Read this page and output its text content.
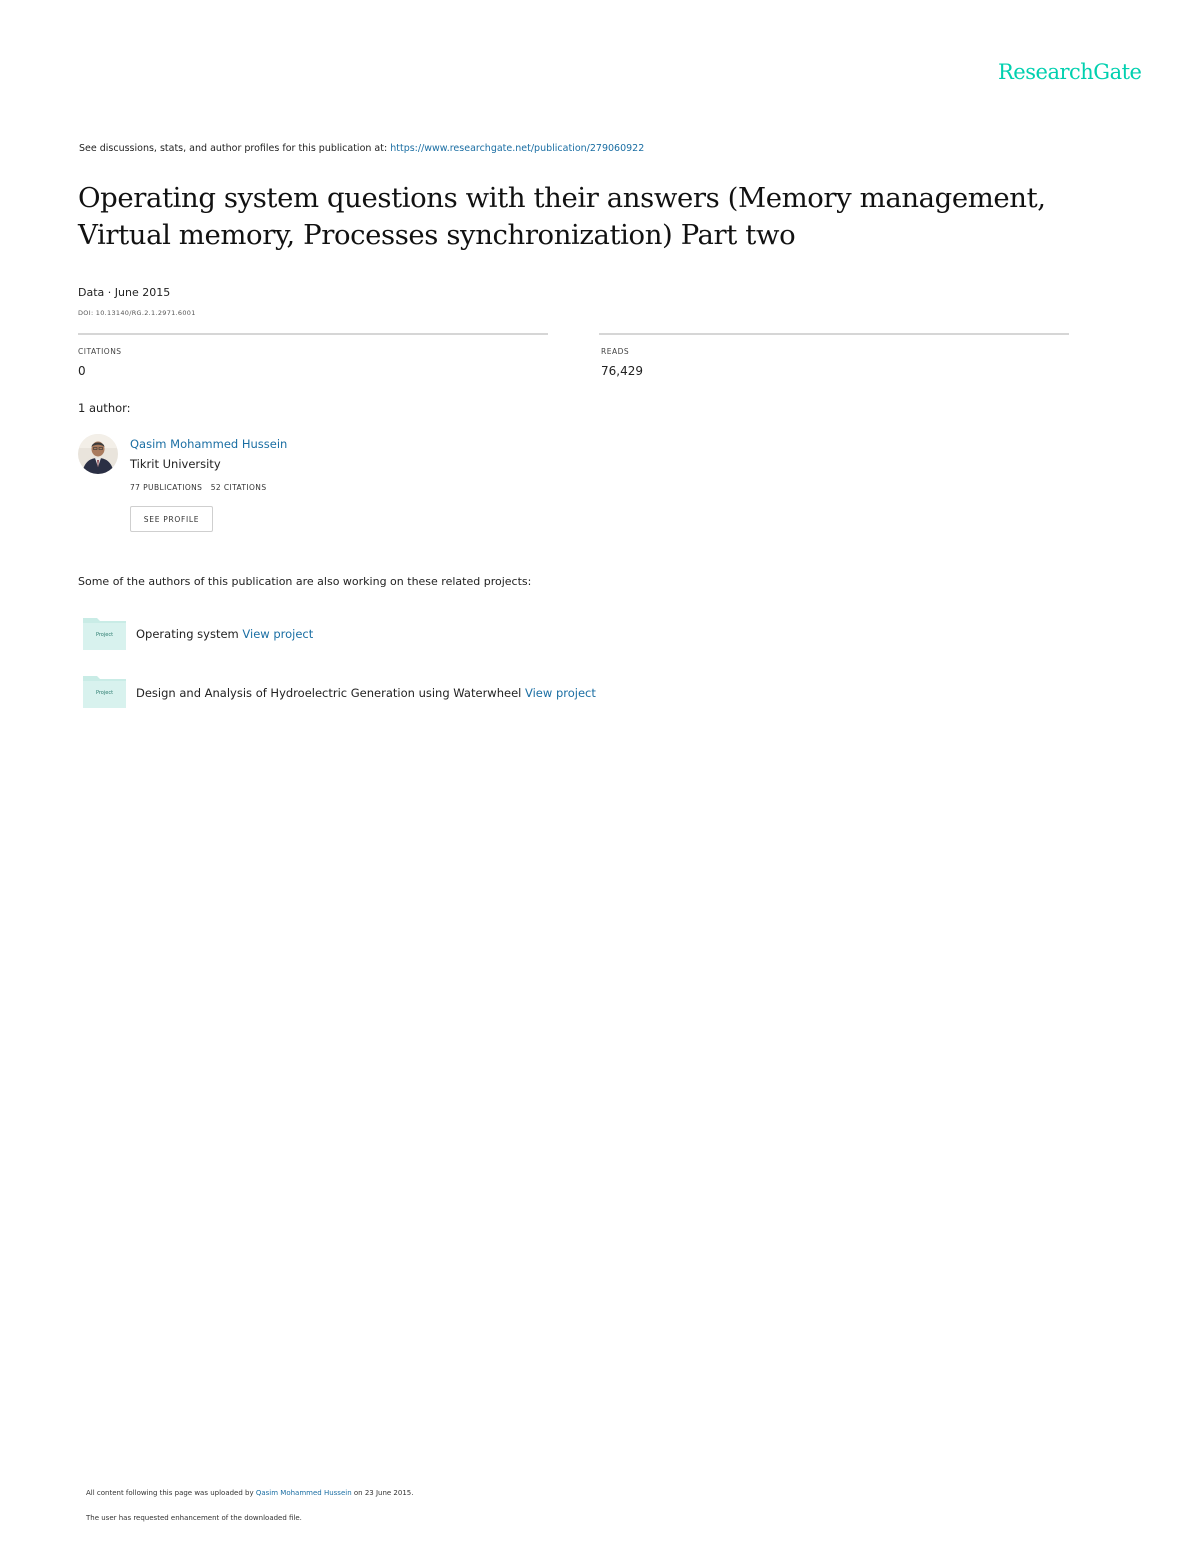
ResearchGate
See discussions, stats, and author profiles for this publication at: https://www.researchgate.net/publication/279060922
Operating system questions with their answers (Memory management, Virtual memory, Processes synchronization) Part two
Data · June 2015
DOI: 10.13140/RG.2.1.2971.6001
CITATIONS
0
READS
76,429
1 author:
Qasim Mohammed Hussein
Tikrit University
77 PUBLICATIONS 52 CITATIONS
SEE PROFILE
Some of the authors of this publication are also working on these related projects:
Project	Operating system View project
Project	Design and Analysis of Hydroelectric Generation using Waterwheel View project
All content following this page was uploaded by Qasim Mohammed Hussein on 23 June 2015.
The user has requested enhancement of the downloaded file.
